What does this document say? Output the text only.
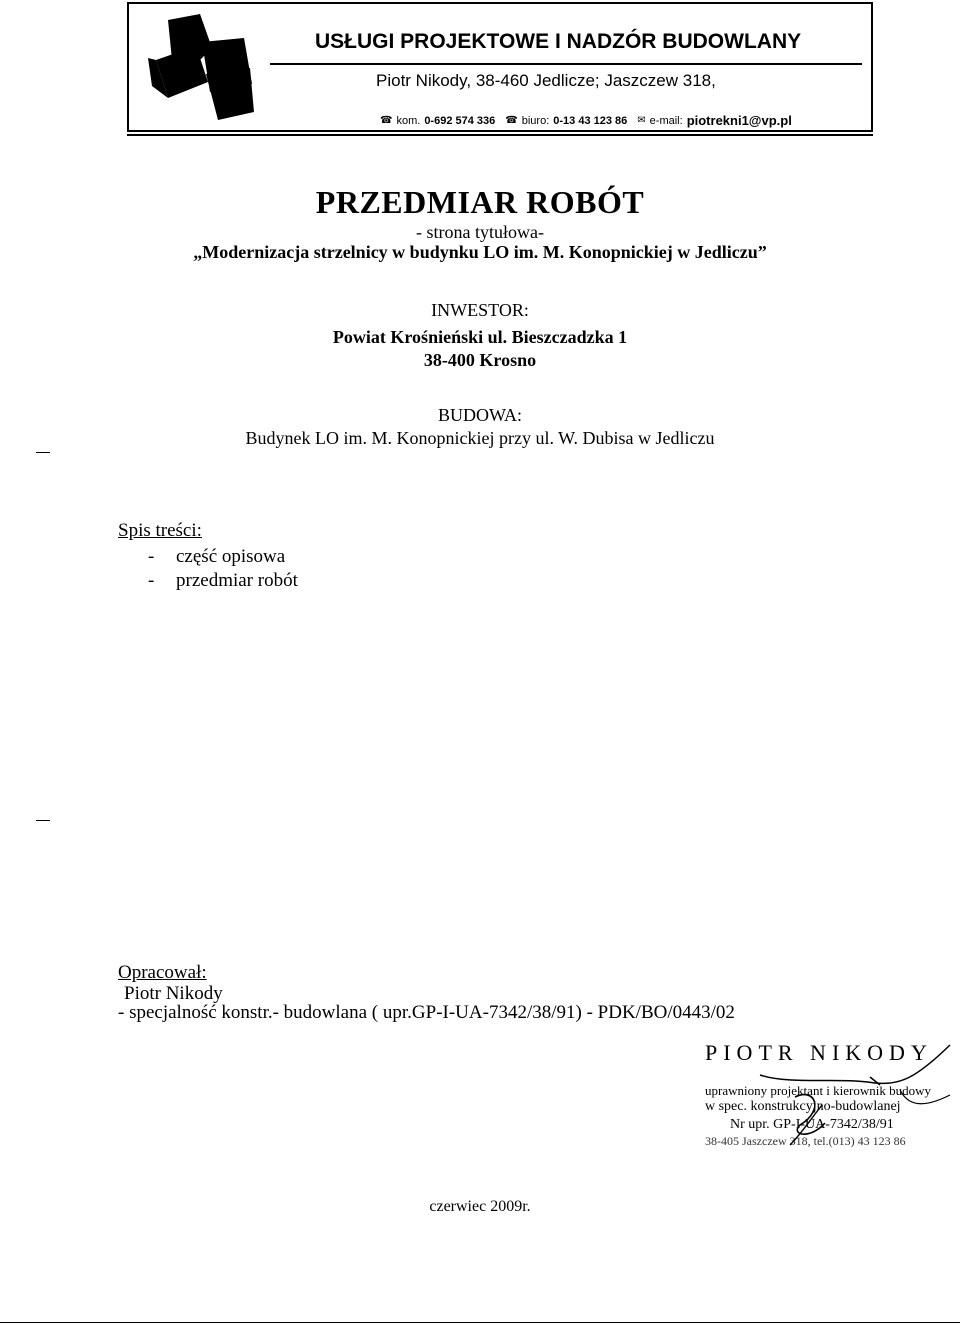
USŁUGI PROJEKTOWE I NADZÓR BUDOWLANY
Piotr Nikody, 38-460 Jedlicze; Jaszczew 318,
☎ kom. 0-692 574 336 ☎ biuro: 0-13 43 123 86 ✉ e-mail: piotrekni1@vp.pl
PRZEDMIAR ROBÓT
- strona tytułowa-
„Modernizacja strzelnicy w budynku LO im. M. Konopnickiej w Jedliczu”
INWESTOR:
Powiat Krośnieński ul. Bieszczadzka 1
38-400 Krosno
BUDOWA:
Budynek LO im. M. Konopnickiej przy ul. W. Dubisa w Jedliczu
Spis treści:
- część opisowa
- przedmiar robót
Opracował:
Piotr Nikody
- specjalność konstr.- budowlana ( upr.GP-I-UA-7342/38/91) - PDK/BO/0443/02
PIOTR NIKODY
uprawniony projektant i kierownik budowy
w spec. konstrukcyjno-budowlanej
Nr upr. GP-I-UA-7342/38/91
38-405 Jaszczew 318, tel.(013) 43 123 86
czerwiec 2009r.
